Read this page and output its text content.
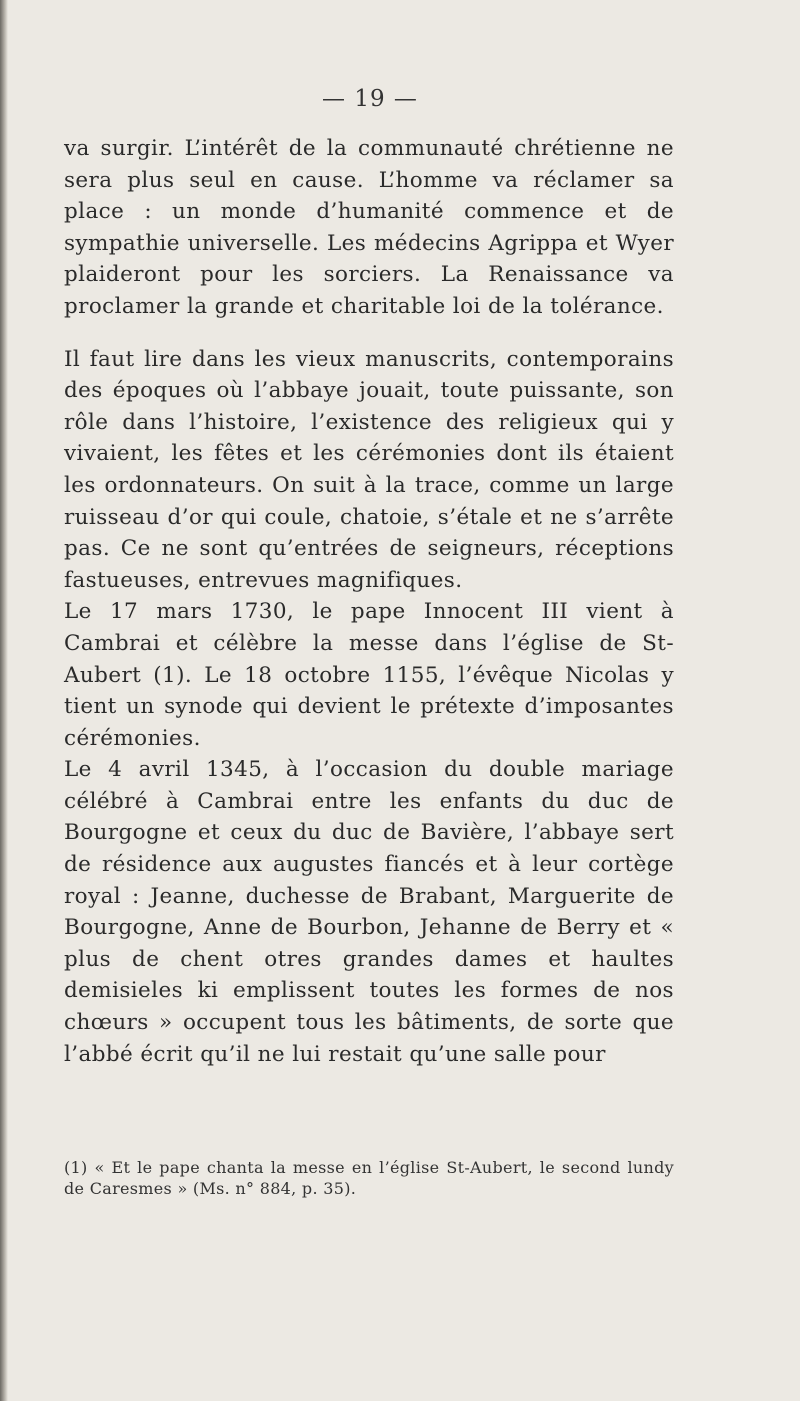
— 19 —

va surgir. L’intérêt de la communauté chrétienne ne sera plus seul en cause. L’homme va réclamer sa place : un monde d’humanité commence et de sympathie universelle. Les médecins Agrippa et Wyer plaideront pour les sorciers. La Renaissance va proclamer la grande et charitable loi de la tolérance.

Il faut lire dans les vieux manuscrits, contemporains des époques où l’abbaye jouait, toute puissante, son rôle dans l’histoire, l’existence des religieux qui y vivaient, les fêtes et les cérémonies dont ils étaient les ordonnateurs. On suit à la trace, comme un large ruisseau d’or qui coule, chatoie, s’étale et ne s’arrête pas. Ce ne sont qu’entrées de seigneurs, réceptions fastueuses, entrevues magnifiques.

Le 17 mars 1730, le pape Innocent III vient à Cambrai et célèbre la messe dans l’église de St-Aubert (1). Le 18 octobre 1155, l’évêque Nicolas y tient un synode qui devient le prétexte d’imposantes cérémonies.

Le 4 avril 1345, à l’occasion du double mariage célébré à Cambrai entre les enfants du duc de Bourgogne et ceux du duc de Bavière, l’abbaye sert de résidence aux augustes fiancés et à leur cortège royal : Jeanne, duchesse de Brabant, Marguerite de Bourgogne, Anne de Bourbon, Jehanne de Berry et « plus de chent otres grandes dames et haultes demisieles ki emplissent toutes les formes de nos chœurs » occupent tous les bâtiments, de sorte que l’abbé écrit qu’il ne lui restait qu’une salle pour

(1) « Et le pape chanta la messe en l’église St-Aubert, le second lundy de Caresmes » (Ms. n° 884, p. 35).
